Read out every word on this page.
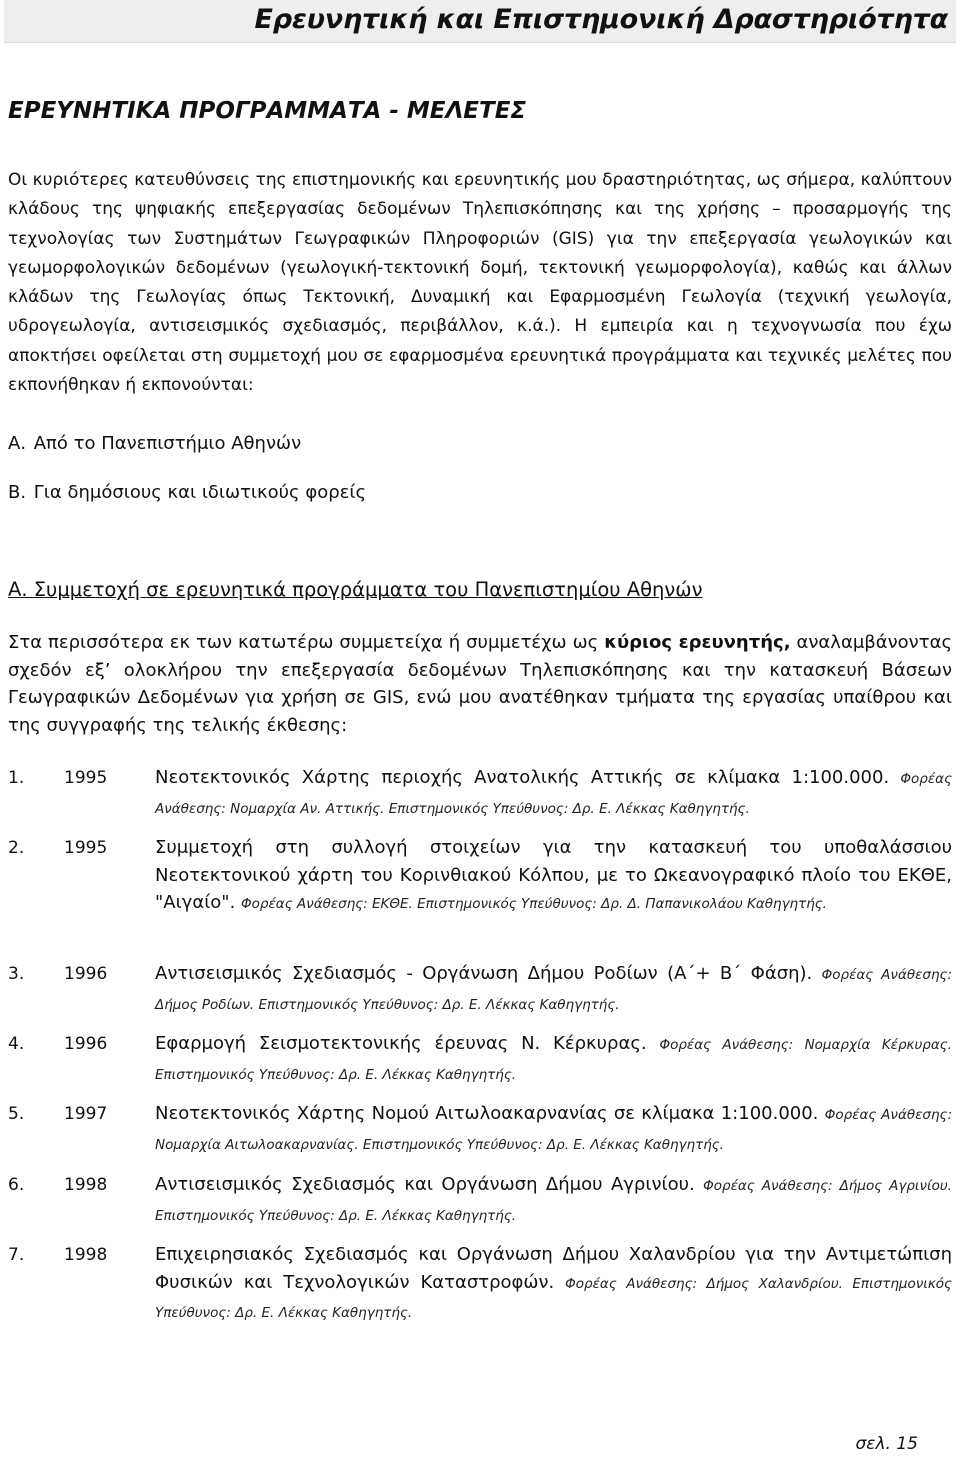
Ερευνητική και Επιστημονική Δραστηριότητα
ΕΡΕΥΝΗΤΙΚΑ ΠΡΟΓΡΑΜΜΑΤΑ - ΜΕΛΕΤΕΣ

Οι κυριότερες κατευθύνσεις της επιστημονικής και ερευνητικής μου δραστηριότητας, ως σήμερα, καλύπτουν κλάδους της ψηφιακής επεξεργασίας δεδομένων Τηλεπισκόπησης και της χρήσης – προσαρμογής της τεχνολογίας των Συστημάτων Γεωγραφικών Πληροφοριών (GIS) για την επεξεργασία γεωλογικών και γεωμορφολογικών δεδομένων (γεωλογική-τεκτονική δομή, τεκτονική γεωμορφολογία), καθώς και άλλων κλάδων της Γεωλογίας όπως Τεκτονική, Δυναμική και Εφαρμοσμένη Γεωλογία (τεχνική γεωλογία, υδρογεωλογία, αντισεισμικός σχεδιασμός, περιβάλλον, κ.ά.). Η εμπειρία και η τεχνογνωσία που έχω αποκτήσει οφείλεται στη συμμετοχή μου σε εφαρμοσμένα ερευνητικά προγράμματα και τεχνικές μελέτες που εκπονήθηκαν ή εκπονούνται:

Α. Από το Πανεπιστήμιο Αθηνών
Β. Για δημόσιους και ιδιωτικούς φορείς
Α. Συμμετοχή σε ερευνητικά προγράμματα του Πανεπιστημίου Αθηνών

Στα περισσότερα εκ των κατωτέρω συμμετείχα ή συμμετέχω ως κύριος ερευνητής, αναλαμβάνοντας σχεδόν εξ’ ολοκλήρου την επεξεργασία δεδομένων Τηλεπισκόπησης και την κατασκευή Βάσεων Γεωγραφικών Δεδομένων για χρήση σε GIS, ενώ μου ανατέθηκαν τμήματα της εργασίας υπαίθρου και της συγγραφής της τελικής έκθεσης:

1. 1995	Νεοτεκτονικός Χάρτης περιοχής Ανατολικής Αττικής σε κλίμακα 1:100.000. Φορέας Ανάθεσης: Νομαρχία Αν. Αττικής. Επιστημονικός Υπεύθυνος: Δρ. Ε. Λέκκας Καθηγητής.

2. 1995	Συμμετοχή στη συλλογή στοιχείων για την κατασκευή του υποθαλάσσιου Νεοτεκτονικού χάρτη του Κορινθιακού Κόλπου, με το Ωκεανογραφικό πλοίο του ΕΚΘΕ, "Αιγαίο". Φορέας Ανάθεσης: ΕΚΘΕ. Επιστημονικός Υπεύθυνος: Δρ. Δ. Παπανικολάου Καθηγητής.

3. 1996	Αντισεισμικός Σχεδιασμός - Οργάνωση Δήμου Ροδίων (Α΄+ Β΄ Φάση). Φορέας Ανάθεσης: Δήμος Ροδίων. Επιστημονικός Υπεύθυνος: Δρ. Ε. Λέκκας Καθηγητής.

4. 1996	Εφαρμογή Σεισμοτεκτονικής έρευνας Ν. Κέρκυρας. Φορέας Ανάθεσης: Νομαρχία Κέρκυρας. Επιστημονικός Υπεύθυνος: Δρ. Ε. Λέκκας Καθηγητής.

5. 1997	Νεοτεκτονικός Χάρτης Νομού Αιτωλοακαρνανίας σε κλίμακα 1:100.000. Φορέας Ανάθεσης: Νομαρχία Αιτωλοακαρνανίας. Επιστημονικός Υπεύθυνος: Δρ. Ε. Λέκκας Καθηγητής.

6. 1998	Αντισεισμικός Σχεδιασμός και Οργάνωση Δήμου Αγρινίου. Φορέας Ανάθεσης: Δήμος Αγρινίου. Επιστημονικός Υπεύθυνος: Δρ. Ε. Λέκκας Καθηγητής.

7. 1998	Επιχειρησιακός Σχεδιασμός και Οργάνωση Δήμου Χαλανδρίου για την Αντιμετώπιση Φυσικών και Τεχνολογικών Καταστροφών. Φορέας Ανάθεσης: Δήμος Χαλανδρίου. Επιστημονικός Υπεύθυνος: Δρ. Ε. Λέκκας Καθηγητής.

σελ. 15
